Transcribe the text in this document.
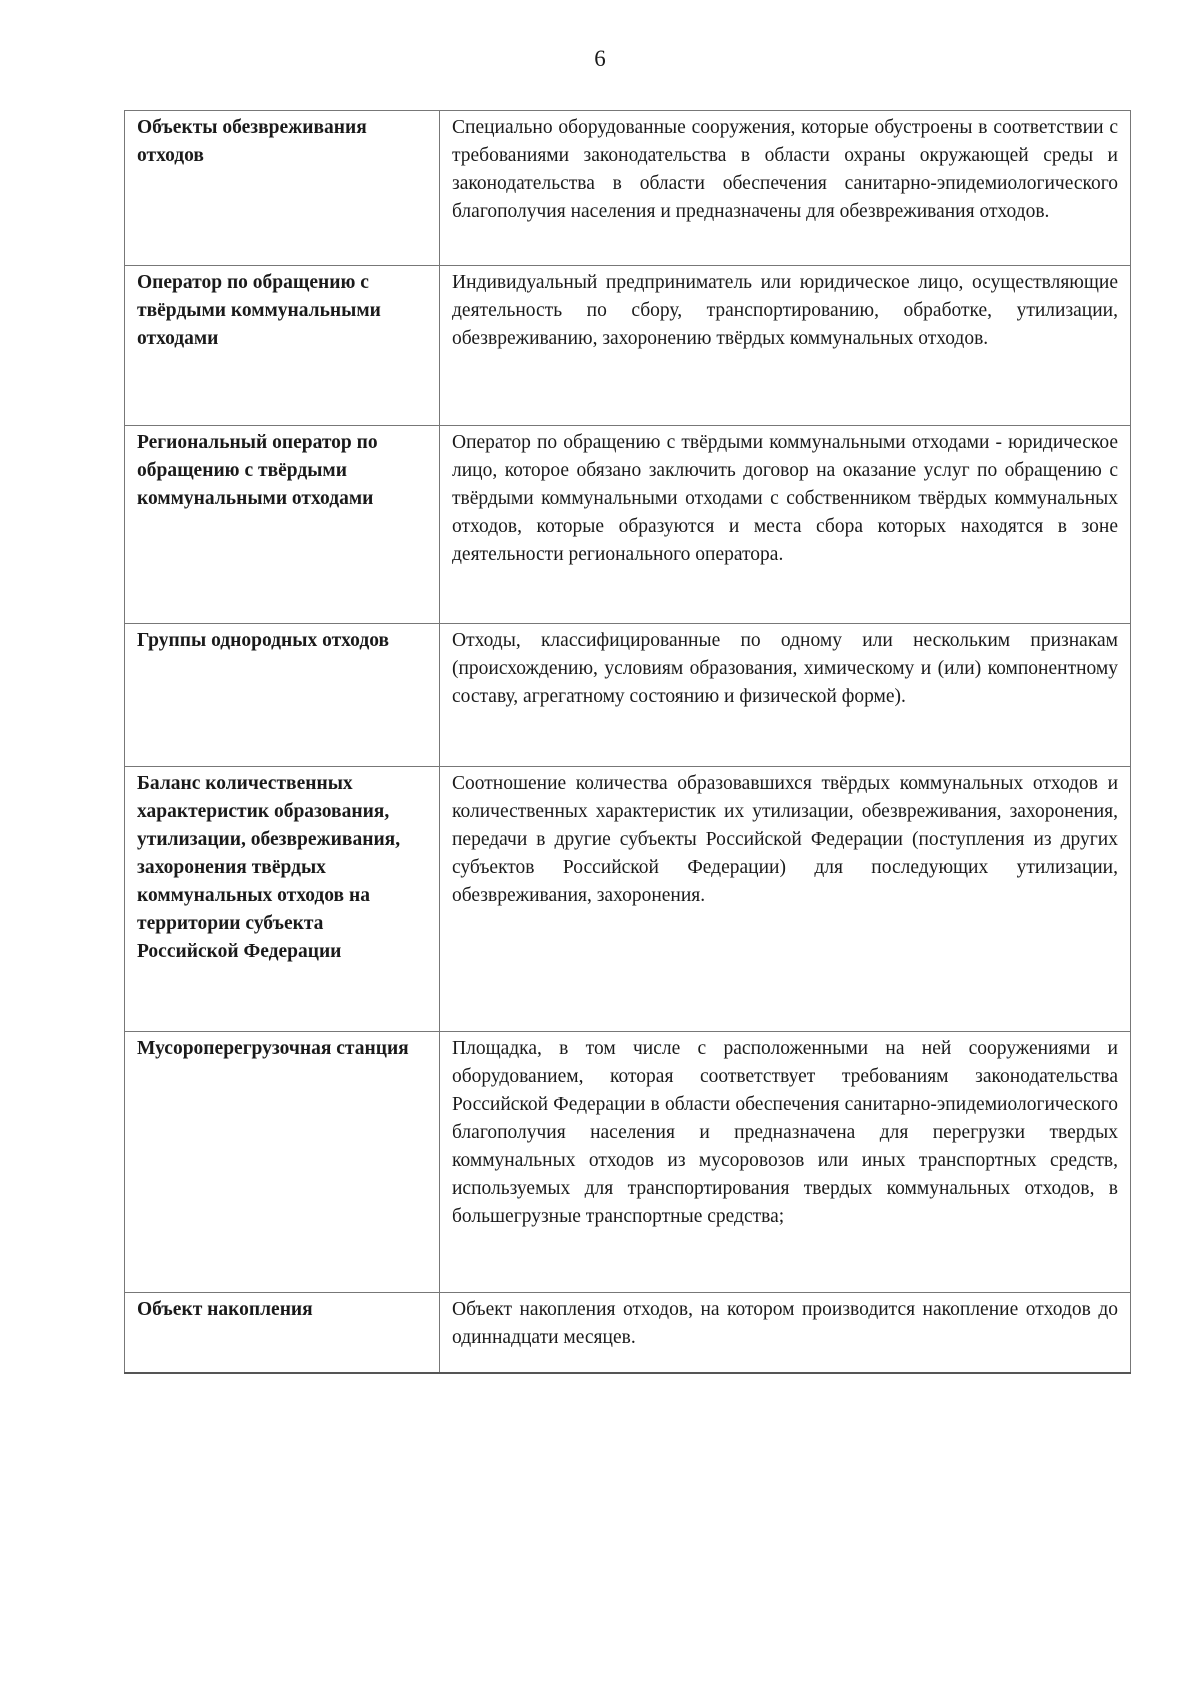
6
Объекты обезвреживания отходов	Специально оборудованные сооружения, которые обустроены в соответствии с требованиями законодательства в области охраны окружающей среды и законодательства в области обеспечения санитарно-эпидемиологического благополучия населения и предназначены для обезвреживания отходов.
Оператор по обращению с твёрдыми коммунальными отходами	Индивидуальный предприниматель или юридическое лицо, осуществляющие деятельность по сбору, транспортированию, обработке, утилизации, обезвреживанию, захоронению твёрдых коммунальных отходов.
Региональный оператор по обращению с твёрдыми коммунальными отходами	Оператор по обращению с твёрдыми коммунальными отходами - юридическое лицо, которое обязано заключить договор на оказание услуг по обращению с твёрдыми коммунальными отходами с собственником твёрдых коммунальных отходов, которые образуются и места сбора которых находятся в зоне деятельности регионального оператора.
Группы однородных отходов	Отходы, классифицированные по одному или нескольким признакам (происхождению, условиям образования, химическому и (или) компонентному составу, агрегатному состоянию и физической форме).
Баланс количественных характеристик образования, утилизации, обезвреживания, захоронения твёрдых коммунальных отходов на территории субъекта Российской Федерации	Соотношение количества образовавшихся твёрдых коммунальных отходов и количественных характеристик их утилизации, обезвреживания, захоронения, передачи в другие субъекты Российской Федерации (поступления из других субъектов Российской Федерации) для последующих утилизации, обезвреживания, захоронения.
Мусороперегрузочная станция	Площадка, в том числе с расположенными на ней сооружениями и оборудованием, которая соответствует требованиям законодательства Российской Федерации в области обеспечения санитарно-эпидемиологического благополучия населения и предназначена для перегрузки твердых коммунальных отходов из мусоровозов или иных транспортных средств, используемых для транспортирования твердых коммунальных отходов, в большегрузные транспортные средства;
Объект накопления	Объект накопления отходов, на котором производится накопление отходов до одиннадцати месяцев.
